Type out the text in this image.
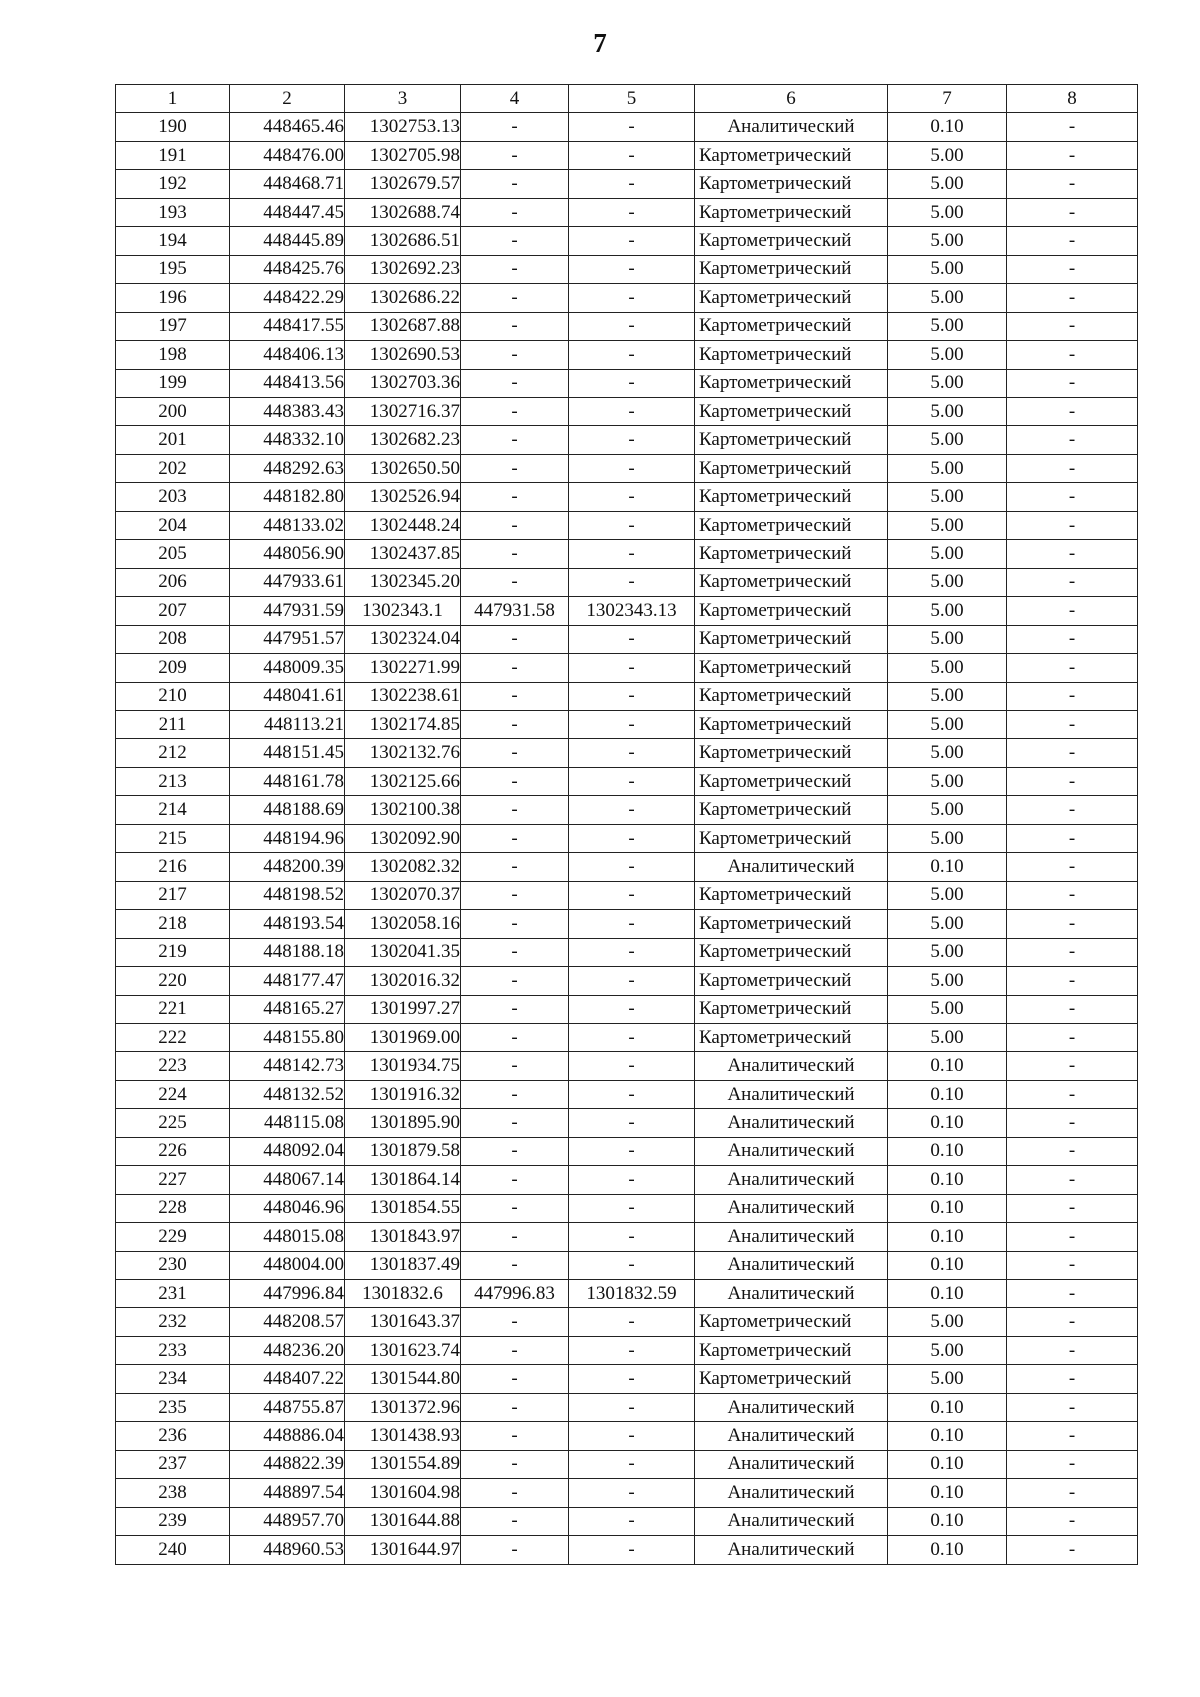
7
1	2	3	4	5	6	7	8
190	448465.46	1302753.13	-	-	Аналитический	0.10	-
191	448476.00	1302705.98	-	-	Картометрический	5.00	-
192	448468.71	1302679.57	-	-	Картометрический	5.00	-
193	448447.45	1302688.74	-	-	Картометрический	5.00	-
194	448445.89	1302686.51	-	-	Картометрический	5.00	-
195	448425.76	1302692.23	-	-	Картометрический	5.00	-
196	448422.29	1302686.22	-	-	Картометрический	5.00	-
197	448417.55	1302687.88	-	-	Картометрический	5.00	-
198	448406.13	1302690.53	-	-	Картометрический	5.00	-
199	448413.56	1302703.36	-	-	Картометрический	5.00	-
200	448383.43	1302716.37	-	-	Картометрический	5.00	-
201	448332.10	1302682.23	-	-	Картометрический	5.00	-
202	448292.63	1302650.50	-	-	Картометрический	5.00	-
203	448182.80	1302526.94	-	-	Картометрический	5.00	-
204	448133.02	1302448.24	-	-	Картометрический	5.00	-
205	448056.90	1302437.85	-	-	Картометрический	5.00	-
206	447933.61	1302345.20	-	-	Картометрический	5.00	-
207	447931.59	1302343.1	447931.58	1302343.13	Картометрический	5.00	-
208	447951.57	1302324.04	-	-	Картометрический	5.00	-
209	448009.35	1302271.99	-	-	Картометрический	5.00	-
210	448041.61	1302238.61	-	-	Картометрический	5.00	-
211	448113.21	1302174.85	-	-	Картометрический	5.00	-
212	448151.45	1302132.76	-	-	Картометрический	5.00	-
213	448161.78	1302125.66	-	-	Картометрический	5.00	-
214	448188.69	1302100.38	-	-	Картометрический	5.00	-
215	448194.96	1302092.90	-	-	Картометрический	5.00	-
216	448200.39	1302082.32	-	-	Аналитический	0.10	-
217	448198.52	1302070.37	-	-	Картометрический	5.00	-
218	448193.54	1302058.16	-	-	Картометрический	5.00	-
219	448188.18	1302041.35	-	-	Картометрический	5.00	-
220	448177.47	1302016.32	-	-	Картометрический	5.00	-
221	448165.27	1301997.27	-	-	Картометрический	5.00	-
222	448155.80	1301969.00	-	-	Картометрический	5.00	-
223	448142.73	1301934.75	-	-	Аналитический	0.10	-
224	448132.52	1301916.32	-	-	Аналитический	0.10	-
225	448115.08	1301895.90	-	-	Аналитический	0.10	-
226	448092.04	1301879.58	-	-	Аналитический	0.10	-
227	448067.14	1301864.14	-	-	Аналитический	0.10	-
228	448046.96	1301854.55	-	-	Аналитический	0.10	-
229	448015.08	1301843.97	-	-	Аналитический	0.10	-
230	448004.00	1301837.49	-	-	Аналитический	0.10	-
231	447996.84	1301832.6	447996.83	1301832.59	Аналитический	0.10	-
232	448208.57	1301643.37	-	-	Картометрический	5.00	-
233	448236.20	1301623.74	-	-	Картометрический	5.00	-
234	448407.22	1301544.80	-	-	Картометрический	5.00	-
235	448755.87	1301372.96	-	-	Аналитический	0.10	-
236	448886.04	1301438.93	-	-	Аналитический	0.10	-
237	448822.39	1301554.89	-	-	Аналитический	0.10	-
238	448897.54	1301604.98	-	-	Аналитический	0.10	-
239	448957.70	1301644.88	-	-	Аналитический	0.10	-
240	448960.53	1301644.97	-	-	Аналитический	0.10	-
